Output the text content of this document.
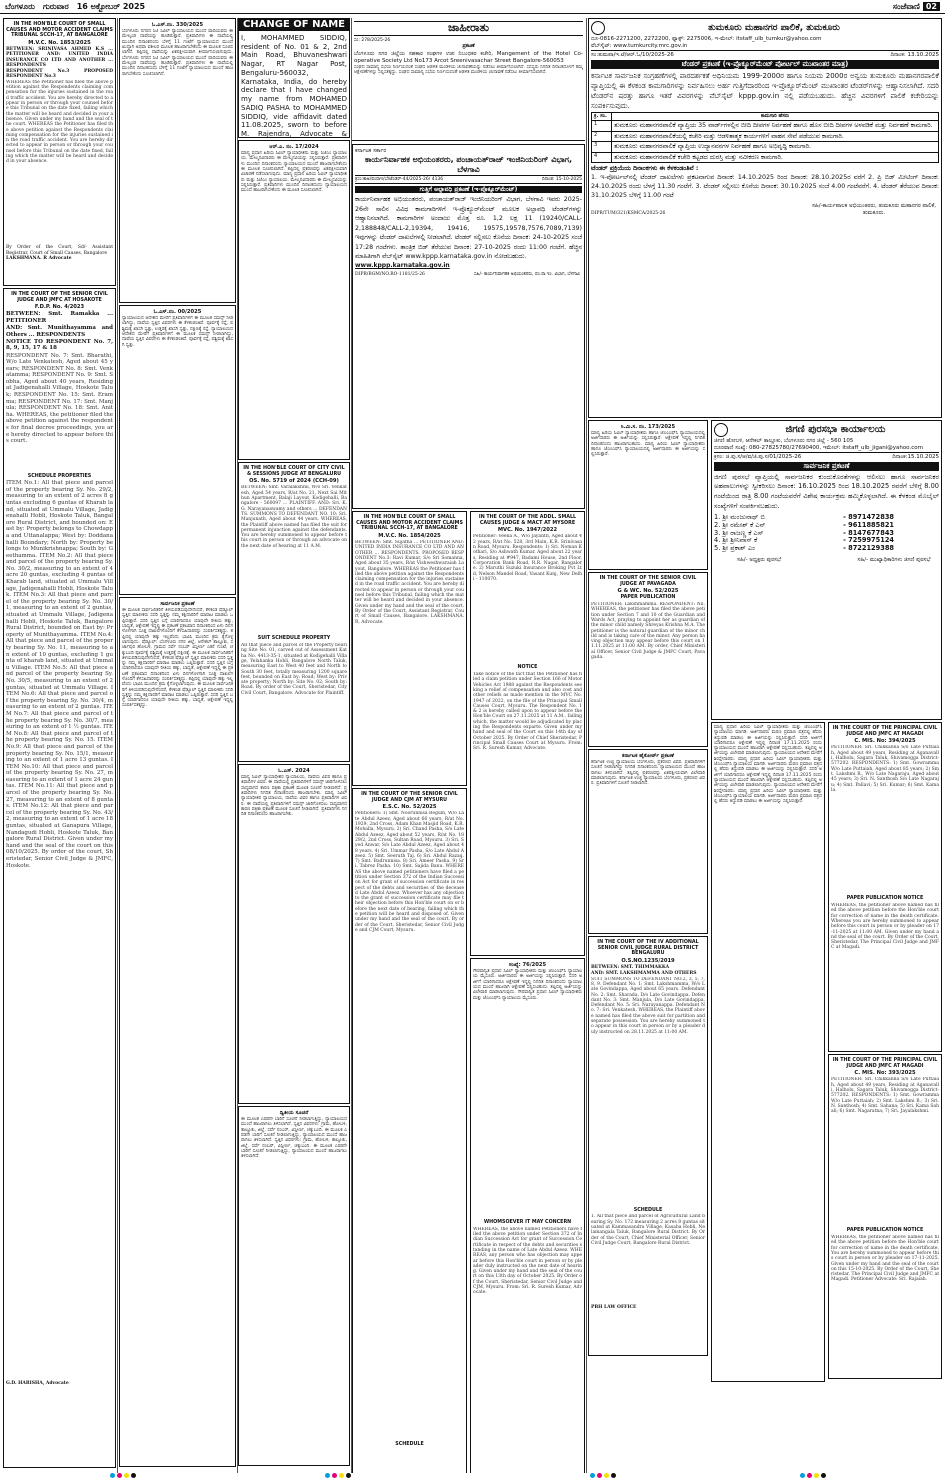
ಬೆಂಗಳೂರು ಗುರುವಾರ 16 ಅಕ್ಟೋಬರ್ 2025	ಸಂಜೆವಾಣಿ 02
IN THE HON'BLE COURT OF SMALL CAUSES AND MOTOR ACCIDENT CLAIMS TRIBUNAL SCCH-17, AT BANGALORE
M.V.C. No. 1853/2025

BETWEEN: SRINIVASA AHMED K.S ... PETITIONER AND: UNITED INDIA INSURANCE CO LTD AND ANOTHER ... RESPONDENTS

RESPONDENT No.3 PROPOSED RESPONDENT No.3

WHEREAS the Petitioner has filed the above petition against the Respondents claiming compensation for the injuries sustained in the road traffic accident. You are hereby directed to appear in person or through your counsel before this Tribunal on the date fixed, failing which the matter will be heard and decided in your absence. Given under my hand and the seal of the court. WHEREAS the Petitioner has filed the above petition against the Respondents claiming compensation for the injuries sustained in the road traffic accident. You are hereby directed to appear in person or through your counsel before this Tribunal on the date fixed, failing which the matter will be heard and decided in your absence.

By Order of the Court, Sd/- Assistant Registrar, Court of Small Causes, Bangalore

LAKSHMANA. R Advocate

IN THE COURT OF THE SENIOR CIVIL JUDGE AND JMFC AT HOSAKOTE
F.D.P. No. 4/2023

BETWEEN: Smt. Ramakka ... PETITIONER

AND: Smt. Munithayamma and Others ... RESPONDENTS

NOTICE TO RESPONDENT No. 7, 8, 9, 15, 17 & 18

RESPONDENT No. 7: Smt. Bharathi, W/o Late Venkatesh, Aged about 45 years; RESPONDENT No. 8: Smt. Venkatamma; RESPONDENT No. 9: Smt. Sobha, Aged about 40 years, Residing at Jadigenahalli Village, Hoskote Taluk; RESPONDENT No. 15: Smt. Eramma; RESPONDENT No. 17: Smt. Manjula; RESPONDENT No. 18: Smt. Anitha. WHEREAS, the petitioner filed the above petition against the respondents for final decree proceedings, you are hereby directed to appear before this court.
SCHEDULE PROPERTIES
ITEM No.1: All that piece and parcel of the property bearing Sy. No. 29/2, measuring to an extent of 2 acres 8 guntas excluding 6 guntas of Kharab land, situated at Ummalu Village, Jadigenahalli Hobli, Hoskote Taluk, Bangalore Rural District, and bounded on: East by: Property belongs to Chowdappa and Uttanalappa; West by: Doddanahalli Boundary; North by: Property belongs to Munikrishnappa; South by: Geethamma. ITEM No.2: All that piece and parcel of the property bearing Sy. No. 30/2, measuring to an extent of 4 acre 20 guntas, excluding 4 guntas of Kharab land, situated at Ummalu Village, Jadigenahalli Hobli, Hoskote Taluk. ITEM No.3: All that piece and parcel of the property bearing Sy. No. 30/1, measuring to an extent of 2 guntas, situated at Ummalu Village, Jadigenahalli Hobli, Hoskote Taluk, Bangalore Rural District, bounded on East by: Property of Munithayamma. ITEM No.4: All that piece and parcel of the property bearing Sy. No. 11, measuring to an extent of 10 guntas, excluding 1 gunta of kharab land, situated at Ummalu Village. ITEM No.5: All that piece and parcel of the property bearing Sy. No. 30/5, measuring to an extent of 2 guntas, situated at Ummalu Village. ITEM No.6: All that piece and parcel of the property bearing Sy. No. 30/4, measuring to an extent of 2 guntas. ITEM No.7: All that piece and parcel of the property bearing Sy. No. 30/7, measuring to an extent of 1 ½ guntas. ITEM No.8: All that piece and parcel of the property bearing Sy. No. 15. ITEM No.9: All that piece and parcel of the property bearing Sy. No. 15/1, measuring to an extent of 1 acre 13 guntas. ITEM No.10: All that piece and parcel of the property bearing Sy. No. 27, measuring to an extent of 1 acre 24 guntas. ITEM No.11: All that piece and parcel of the property bearing Sy. No. 27, measuring to an extent of 8 guntas. ITEM No.12: All that piece and parcel of the property bearing Sy. No. 43/2, measuring to an extent of 1 acre 18 guntas, situated at Ganapura Village, Nandagudi Hobli, Hoskote Taluk, Bangalore Rural District. Given under my hand and the seal of the court on this 08/10/2025. By order of the court, Sheristedar, Senior Civil Judge & JMFC, Hoskote.

G.D. HARISHA, Advocate

ಓ.ಎಸ್.ನಂ. 330/2025
ಬೆಂಗಳೂರು ನಗರದ ಸಿಟಿ ಸಿವಿಲ್ ನ್ಯಾಯಾಲಯದ ಮುಂದೆ ವಾದಿಯವರು ಈ ಮೇಲ್ಕಂಡ ದಾವೆಯನ್ನು ಹೂಡಿರುತ್ತಾರೆ. ಪ್ರತಿವಾದಿಗಳು ಈ ದಾವೆಯಲ್ಲಿ ಮುಂದಿನ ದಿನಾಂಕದಂದು ಬೆಳಿಗ್ಗೆ 11 ಗಂಟೆಗೆ ನ್ಯಾಯಾಲಯದ ಮುಂದೆ ಖುದ್ದಾಗಿ ಅಥವಾ ವಕೀಲರ ಮೂಲಕ ಹಾಜರಾಗಬೇಕೆಂದು ಈ ಮೂಲಕ ಸೂಚಿಸಲಾಗಿದೆ. ತಪ್ಪಿದಲ್ಲಿ ದಾವೆಯನ್ನು ಏಕಪಕ್ಷೀಯವಾಗಿ ತೀರ್ಮಾನಿಸಲಾಗುವುದು. ಬೆಂಗಳೂರು ನಗರದ ಸಿಟಿ ಸಿವಿಲ್ ನ್ಯಾಯಾಲಯದ ಮುಂದೆ ವಾದಿಯವರು ಈ ಮೇಲ್ಕಂಡ ದಾವೆಯನ್ನು ಹೂಡಿರುತ್ತಾರೆ. ಪ್ರತಿವಾದಿಗಳು ಈ ದಾವೆಯಲ್ಲಿ ಮುಂದಿನ ದಿನಾಂಕದಂದು ಬೆಳಿಗ್ಗೆ 11 ಗಂಟೆಗೆ ನ್ಯಾಯಾಲಯದ ಮುಂದೆ ಹಾಜರಾಗಬೇಕೆಂದು ಸೂಚಿಸಲಾಗಿದೆ.
ಓ.ಎಸ್.ನಂ. 00/2025
ನ್ಯಾಯಾಲಯದ ಆದೇಶದ ಮೇರೆಗೆ ಪ್ರತಿವಾದಿಗಳಿಗೆ ಈ ಮೂಲಕ ಸಮನ್ಸ್ ನೀಡಲಾಗಿದ್ದು, ದಾವೆಯ ಸ್ವತ್ತಿನ ವಿವರಗಳು ಈ ಕೆಳಕಂಡಂತಿವೆ. ಪೂರ್ವಕ್ಕೆ ರಸ್ತೆ, ಪಶ್ಚಿಮಕ್ಕೆ ಖಾಸಗಿ ಸ್ವತ್ತು, ಉತ್ತರಕ್ಕೆ ಖಾಸಗಿ ಸ್ವತ್ತು, ದಕ್ಷಿಣಕ್ಕೆ ರಸ್ತೆ. ನ್ಯಾಯಾಲಯದ ಆದೇಶದ ಮೇರೆಗೆ ಪ್ರತಿವಾದಿಗಳಿಗೆ ಈ ಮೂಲಕ ಸಮನ್ಸ್ ನೀಡಲಾಗಿದ್ದು, ದಾವೆಯ ಸ್ವತ್ತಿನ ವಿವರಗಳು ಈ ಕೆಳಕಂಡಂತಿವೆ. ಪೂರ್ವಕ್ಕೆ ರಸ್ತೆ, ಪಶ್ಚಿಮಕ್ಕೆ ಖಾಸಗಿ ಸ್ವತ್ತು.
ಸಾರ್ವಜನಿಕ ಪ್ರಕಟಣೆ
ಈ ಮೂಲಕ ಸಾರ್ವಜನಿಕರಿಗೆ ತಿಳಿಯಪಡಿಸುವುದೇನೆಂದರೆ, ಕೆಳಕಂಡ ಷೆಡ್ಯೂಲ್ ಸ್ವತ್ತಿನ ಮಾಲೀಕರು ಸದರಿ ಸ್ವತ್ತನ್ನು ನಮ್ಮ ಕಕ್ಷಿದಾರರಿಗೆ ಮಾರಾಟ ಮಾಡಲು ಒಪ್ಪಿರುತ್ತಾರೆ. ಸದರಿ ಸ್ವತ್ತಿನ ಬಗ್ಗೆ ಯಾರಿಗಾದರೂ ಯಾವುದೇ ರೀತಿಯ ಹಕ್ಕು, ಬಾಧ್ಯತೆ, ಆಕ್ಷೇಪಣೆ ಇದ್ದಲ್ಲಿ ಈ ಪ್ರಕಟಣೆ ಪ್ರಕಟವಾದ ದಿನಾಂಕದಿಂದ ಏಳು ದಿನಗಳೊಳಗಾಗಿ ಸೂಕ್ತ ದಾಖಲೆಗಳೊಂದಿಗೆ ಕೆಳಸಹಿದಾರರನ್ನು ಸಂಪರ್ಕಿಸತಕ್ಕದ್ದು. ತಪ್ಪಿದಲ್ಲಿ ಯಾವುದೇ ಹಕ್ಕು ಇಲ್ಲವೆಂದು ಭಾವಿಸಿ ಮುಂದಿನ ಕ್ರಮ ಕೈಗೊಳ್ಳಲಾಗುವುದು. ಷೆಡ್ಯೂಲ್: ಬೆಂಗಳೂರು ನಗರ ಜಿಲ್ಲೆ, ಆನೇಕಲ್ ತಾಲ್ಲೂಕು, ಸರ್ಜಾಪುರ ಹೋಬಳಿ, ಗ್ರಾಮದ ಸರ್ವೆ ನಂಬರ್ ವಿಸ್ತೀರ್ಣ ಎಕರೆ ಗುಂಟೆ, ಚಕ್ಕುಬಂದಿ ಪೂರ್ವಕ್ಕೆ ಪಶ್ಚಿಮಕ್ಕೆ ಉತ್ತರಕ್ಕೆ ದಕ್ಷಿಣಕ್ಕೆ. ಈ ಮೂಲಕ ಸಾರ್ವಜನಿಕರಿಗೆ ತಿಳಿಯಪಡಿಸುವುದೇನೆಂದರೆ, ಕೆಳಕಂಡ ಷೆಡ್ಯೂಲ್ ಸ್ವತ್ತಿನ ಮಾಲೀಕರು ಸದರಿ ಸ್ವತ್ತನ್ನು ನಮ್ಮ ಕಕ್ಷಿದಾರರಿಗೆ ಮಾರಾಟ ಮಾಡಲು ಒಪ್ಪಿರುತ್ತಾರೆ. ಸದರಿ ಸ್ವತ್ತಿನ ಬಗ್ಗೆ ಯಾರಿಗಾದರೂ ಯಾವುದೇ ರೀತಿಯ ಹಕ್ಕು, ಬಾಧ್ಯತೆ, ಆಕ್ಷೇಪಣೆ ಇದ್ದಲ್ಲಿ ಈ ಪ್ರಕಟಣೆ ಪ್ರಕಟವಾದ ದಿನಾಂಕದಿಂದ ಏಳು ದಿನಗಳೊಳಗಾಗಿ ಸೂಕ್ತ ದಾಖಲೆಗಳೊಂದಿಗೆ ಕೆಳಸಹಿದಾರರನ್ನು ಸಂಪರ್ಕಿಸತಕ್ಕದ್ದು. ತಪ್ಪಿದಲ್ಲಿ ಯಾವುದೇ ಹಕ್ಕು ಇಲ್ಲವೆಂದು ಭಾವಿಸಿ ಮುಂದಿನ ಕ್ರಮ ಕೈಗೊಳ್ಳಲಾಗುವುದು. ಈ ಮೂಲಕ ಸಾರ್ವಜನಿಕರಿಗೆ ತಿಳಿಯಪಡಿಸುವುದೇನೆಂದರೆ, ಕೆಳಕಂಡ ಷೆಡ್ಯೂಲ್ ಸ್ವತ್ತಿನ ಮಾಲೀಕರು ಸದರಿ ಸ್ವತ್ತನ್ನು ನಮ್ಮ ಕಕ್ಷಿದಾರರಿಗೆ ಮಾರಾಟ ಮಾಡಲು ಒಪ್ಪಿರುತ್ತಾರೆ. ಸದರಿ ಸ್ವತ್ತಿನ ಬಗ್ಗೆ ಯಾರಿಗಾದರೂ ಯಾವುದೇ ರೀತಿಯ ಹಕ್ಕು, ಬಾಧ್ಯತೆ, ಆಕ್ಷೇಪಣೆ ಇದ್ದಲ್ಲಿ ಸಂಪರ್ಕಿಸತಕ್ಕದ್ದು.
CHANGE OF NAME

I, MOHAMMED SIDDIQ, resident of No. 01 & 2, 2nd Main Road, Bhuvaneshwari Nagar, RT Nagar Post, Bengaluru-560032, Karnataka, India, do hereby declare that I have changed my name from MOHAMED SADIQ PASHA to MOHAMMED SIDDIQ, vide affidavit dated 11.08.2025, sworn to before M. Rajendra, Advocate &

ಆರ್.ಎ. ನಂ. 17/2024
ಮಾನ್ಯ ಪ್ರಧಾನ ಹಿರಿಯ ಸಿವಿಲ್ ನ್ಯಾಯಾಧೀಶರು ಮತ್ತು ಸಿಜೆಎಂ ನ್ಯಾಯಾಲಯ. ಮೇಲ್ಮನವಿದಾರರು ಈ ಮೇಲ್ಮನವಿಯನ್ನು ಸಲ್ಲಿಸಿರುತ್ತಾರೆ. ಪ್ರತಿವಾದಿಗಳು ಮುಂದಿನ ದಿನಾಂಕದಂದು ನ್ಯಾಯಾಲಯದ ಮುಂದೆ ಹಾಜರಾಗಬೇಕೆಂದು ಈ ಮೂಲಕ ಸೂಚಿಸಲಾಗಿದೆ. ತಪ್ಪಿದಲ್ಲಿ ಪ್ರಕರಣವನ್ನು ಏಕಪಕ್ಷೀಯವಾಗಿ ವಿಚಾರಣೆ ನಡೆಸಲಾಗುವುದು. ಮಾನ್ಯ ಪ್ರಧಾನ ಹಿರಿಯ ಸಿವಿಲ್ ನ್ಯಾಯಾಧೀಶರು ಮತ್ತು ಸಿಜೆಎಂ ನ್ಯಾಯಾಲಯ. ಮೇಲ್ಮನವಿದಾರರು ಈ ಮೇಲ್ಮನವಿಯನ್ನು ಸಲ್ಲಿಸಿರುತ್ತಾರೆ. ಪ್ರತಿವಾದಿಗಳು ಮುಂದಿನ ದಿನಾಂಕದಂದು ನ್ಯಾಯಾಲಯದ ಮುಂದೆ ಹಾಜರಾಗಬೇಕೆಂದು ಈ ಮೂಲಕ ಸೂಚಿಸಲಾಗಿದೆ.
IN THE HON'BLE COURT OF CITY CIVIL & SESSIONS JUDGE AT BENGALURU
OS. No. 5719 of 2024 (CCH-09)
BETWEEN: Smt. Varalakshmi, W/o Sri. Venkatesh, Aged 54 years, R/at No. 21, Next Sai Mithun Apartment, Balaji Layout, Kodigehalli, Bangalore - 560097 ... PLAINTIFF. AND: Sri. K.G. Narayanaswamy and others ... DEFENDANTS. SUMMONS TO DEFENDANT NO. 10: Sri. Manjunath, Aged about 44 years. WHEREAS, the Plaintiff above named has filed the suit for permanent injunction against the defendants. You are hereby summoned to appear before this court in person or through an advocate on the next date of hearing at 11 A.M.
SUIT SCHEDULE PROPERTY
All that piece and parcel of the Property bearing Site No. 01, carved out of Assessment Katha No. 4413-35-1, situated at Kodigehalli Village, Yelahanka Hobli, Bangalore North Taluk, measuring East to West 40 feet and North to South 30 feet, totally measuring 1200 square feet, bounded on East by: Road; West by: Private property; North by: Site No. 02; South by: Road. By order of the Court, Sheristedar, City Civil Court, Bangalore. Advocate for Plaintiff.
ಓ.ಎಸ್. 2024
ಮಾನ್ಯ ಸಿವಿಲ್ ನ್ಯಾಯಾಧೀಶರ ನ್ಯಾಯಾಲಯ, ದಾವೆಯ ವಿವರ ಹಾಗೂ ಪ್ರತಿವಾದಿಗಳ ವಿವರ. ಈ ದಾವೆಯಲ್ಲಿ ಪ್ರತಿವಾದಿಗಳಿಗೆ ಸಮನ್ಸ್ ಜಾರಿಗೊಳಿಸಲು ಸಾಧ್ಯವಾಗದ ಕಾರಣ ಪತ್ರಿಕಾ ಪ್ರಕಟಣೆ ಮೂಲಕ ಸೂಚನೆ ನೀಡಲಾಗಿದೆ. ಪ್ರತಿವಾದಿಗಳು ನಿಗದಿತ ದಿನಾಂಕದಂದು ಹಾಜರಾಗಬೇಕು. ಮಾನ್ಯ ಸಿವಿಲ್ ನ್ಯಾಯಾಧೀಶರ ನ್ಯಾಯಾಲಯ, ದಾವೆಯ ವಿವರ ಹಾಗೂ ಪ್ರತಿವಾದಿಗಳ ವಿವರ. ಈ ದಾವೆಯಲ್ಲಿ ಪ್ರತಿವಾದಿಗಳಿಗೆ ಸಮನ್ಸ್ ಜಾರಿಗೊಳಿಸಲು ಸಾಧ್ಯವಾಗದ ಕಾರಣ ಪತ್ರಿಕಾ ಪ್ರಕಟಣೆ ಮೂಲಕ ಸೂಚನೆ ನೀಡಲಾಗಿದೆ. ಪ್ರತಿವಾದಿಗಳು ನಿಗದಿತ ದಿನಾಂಕದಂದು ಹಾಜರಾಗಬೇಕು.
ದ್ವಿತೀಯ ಸೂಚನೆ
ಈ ಮೂಲಕ ಎರಡನೇ ಬಾರಿಗೆ ಸೂಚನೆ ನೀಡಲಾಗುತ್ತಿದ್ದು, ನ್ಯಾಯಾಲಯದ ಮುಂದೆ ಹಾಜರಾಗಲು ತಿಳಿಸಲಾಗಿದೆ. ಸ್ವತ್ತಿನ ವಿವರಗಳು: ಗ್ರಾಮ, ಹೋಬಳಿ, ತಾಲ್ಲೂಕು, ಜಿಲ್ಲೆ. ಸರ್ವೆ ನಂಬರ್, ವಿಸ್ತೀರ್ಣ, ಚಕ್ಕುಬಂದಿ. ಈ ಮೂಲಕ ಎರಡನೇ ಬಾರಿಗೆ ಸೂಚನೆ ನೀಡಲಾಗುತ್ತಿದ್ದು, ನ್ಯಾಯಾಲಯದ ಮುಂದೆ ಹಾಜರಾಗಲು ತಿಳಿಸಲಾಗಿದೆ. ಸ್ವತ್ತಿನ ವಿವರಗಳು: ಗ್ರಾಮ, ಹೋಬಳಿ, ತಾಲ್ಲೂಕು, ಜಿಲ್ಲೆ. ಸರ್ವೆ ನಂಬರ್, ವಿಸ್ತೀರ್ಣ, ಚಕ್ಕುಬಂದಿ. ಈ ಮೂಲಕ ಎರಡನೇ ಬಾರಿಗೆ ಸೂಚನೆ ನೀಡಲಾಗುತ್ತಿದ್ದು, ನ್ಯಾಯಾಲಯದ ಮುಂದೆ ಹಾಜರಾಗಲು ತಿಳಿಸಲಾಗಿದೆ.
ಜಾಹೀರಾತು

ಸಂ: 278/2025-26

ಪ್ರಕಟಣೆ

ಬೆಂಗಳೂರು ನಗರ ಜಿಲ್ಲೆಯ ಸಹಕಾರ ಸಂಘಗಳ ಉಪ ನಿಬಂಧಕರ ಕಚೇರಿ, Mangement of the Hotel Co-operative Society Ltd No173 Arcot Sreenivasachar Street Bangalore-560053

ಸಂಘದ ಸಾಮಾನ್ಯ ಸಭೆಯ ನಿರ್ಣಯದಂತೆ ಸಂಘದ ಆಡಳಿತ ಮಂಡಳಿಯ ಚುನಾವಣೆಯನ್ನು ನಡೆಸಲು ತೀರ್ಮಾನಿಸಲಾಗಿದೆ. ಸದಸ್ಯರು ನಿಗದಿತ ದಿನಾಂಕದೊಳಗೆ ತಮ್ಮ ಆಕ್ಷೇಪಣೆಗಳನ್ನು ಸಲ್ಲಿಸತಕ್ಕದ್ದು. ಸಂಘದ ಸಾಮಾನ್ಯ ಸಭೆಯ ನಿರ್ಣಯದಂತೆ ಆಡಳಿತ ಮಂಡಳಿಯ ಚುನಾವಣೆ ನಡೆಸಲು ತೀರ್ಮಾನಿಸಲಾಗಿದೆ.

ಕರ್ನಾಟಕ ಸರ್ಕಾರ

ಕಾರ್ಯನಿರ್ವಾಹಕ ಅಭಿಯಂತರರು, ಪಂಚಾಯತ್‌ರಾಜ್ ಇಂಜಿನಿಯರಿಂಗ್ ವಿಭಾಗ, ಬೆಳಗಾವಿ
ಕ್ರಸಂ:ಕಾಅ/ಪಂರಾಇ/ಬೆ/ಟೆಂಡರ್-44/2025-26/ 4136	ದಿನಾಂಕ: 15-10-2025
ಗುತ್ತಿಗೆ ಅಲ್ಪಾವಧಿ ಪ್ರಕಟಣೆ (ಇ-ಪ್ರೊಕ್ಯೂರ್‌ಮೆಂಟ್)

ಕಾರ್ಯನಿರ್ವಾಹಕ ಅಭಿಯಂತರರು, ಪಂಚಾಯತ್‌ರಾಜ್ ಇಂಜಿನಿಯರಿಂಗ್ ವಿಭಾಗ, ಬೆಳಗಾವಿ ಇವರು 2025-26ನೇ ಸಾಲಿನ ವಿವಿಧ ಕಾಮಗಾರಿಗಳಿಗೆ ಇ-ಪ್ರೊಕ್ಯೂರ್‌ಮೆಂಟ್ ಮೂಲಕ ಅಲ್ಪಾವಧಿ ಟೆಂಡರ್‌ಗಳನ್ನು ಆಹ್ವಾನಿಸಲಾಗಿದೆ. ಕಾಮಗಾರಿಗಳ ಅಂದಾಜು ಮೊತ್ತ ರೂ. 1,2 ಲಕ್ಷ 11 (19240/CALL-2,188848/CALL-2,19394, 19416, 19575,19578,7576,7089,7139) ಇವುಗಳನ್ನು ಟೆಂಡರ್ ದಾಖಲೆಗಳಲ್ಲಿ ನೀಡಲಾಗಿದೆ. ಟೆಂಡರ್ ಸಲ್ಲಿಸಲು ಕೊನೆಯ ದಿನಾಂಕ: 24-10-2025 ಸಂಜೆ 17:28 ಗಂಟೆಗಳು. ತಾಂತ್ರಿಕ ಬಿಡ್ ತೆರೆಯುವ ದಿನಾಂಕ: 27-10-2025 ರಂದು 11:00 ಗಂಟೆಗೆ. ಹೆಚ್ಚಿನ ಮಾಹಿತಿಗಾಗಿ ವೆಬ್‌ಸೈಟ್ www.kppp.karnataka.gov.in ನೋಡಬಹುದು.

www.kppp.karnataka.gov.in

DIPR/BGM/NO.RO-1181/25-26	ಸಹಿ/- ಕಾರ್ಯನಿರ್ವಾಹಕ ಅಭಿಯಂತರರು, ಪಂ.ರಾ.ಇಂ. ವಿಭಾಗ, ಬೆಳಗಾವಿ
IN THE HON'BLE COURT OF SMALL CAUSES AND MOTOR ACCIDENT CLAIMS TRIBUNAL SCCH-17, AT BANGALORE
M.V.C. No. 1854/2025
BETWEEN: Smt. Sujatha ... PETITIONER AND: UNITED INDIA INSURANCE CO LTD AND ANOTHER ... RESPONDENTS. PROPOSED RESPONDENT No.3: Ravi Kumar, S/o Sri Somanna, Aged about 35 years, R/at Vishweshwaraiah Layout, Bangalore. WHEREAS the Petitioner has filed the above petition against the Respondents claiming compensation for the injuries sustained in the road traffic accident. You are hereby directed to appear in person or through your counsel before this Tribunal, failing which the matter will be heard and decided in your absence. Given under my hand and the seal of the court. By Order of the Court, Assistant Registrar, Court of Small Causes, Bangalore. LAKSHMANA. R, Advocate.
IN THE COURT OF THE SENIOR CIVIL JUDGE AND CJM AT MYSURU
E.S.C. No. 52/2025
Petitioners: 1) Smt. Noorunnisa Begum, W/o Late Abdul Azeez, Aged about 66 years, R/at No. 1929, 2nd Cross, Adam Khan Masjid Road, K.R. Mohalla, Mysuru. 2) Sri. Chand Pasha, S/o Late Abdul Azeez, Aged about 52 years, R/at No. 1829/2, 2nd Cross, Sultan Road, Mysuru. 3) Sri. Syed Anwar, S/o Late Abdul Azeez, Aged about 48 years. 4) Sri. Ummar Pasha, S/o Late Abdul Azeez. 5) Smt. Seeruth Taj. 6) Sri. Abdul Razaq. 7) Smt. Badrunnisa. 8) Sri. Ameer Pasha. 9) Sri. Tabrez Pasha. 10) Smt. Sajida Banu. WHEREAS the above named petitioners have filed a petition under Section 372 of the Indian Succession Act for grant of succession certificate in respect of the debts and securities of the deceased Late Abdul Azeez. Whoever has any objection to the grant of succession certificate may file their objection before this Hon'ble court on or before the next date of hearing, failing which the petition will be heard and disposed of. Given under my hand and the seal of the court. By order of the Court, Sheristedar, Senior Civil Judge and CJM Court, Mysuru.
SCHEDULE
IN THE COURT OF THE ADDL. SMALL CAUSES JUDGE & MACT AT MYSORE
MVC. No. 1947/2022
Petitioner: Veena A., W/o Jayanth, Aged about 42 years, R/at No. 528, 3rd Main, K.R. Srinivasan Road, Mysuru. Respondents: 1) Sri. Noman Kothari, S/o Ashwath Kumar, Aged about 22 years, Residing at #947, Badami House, 2nd Floor, Corporation Bank Road, R.R. Nagar, Bangalore. 2) Maruthi Suzuki Insurance Broking Pvt Ltd, Nelson Mandel Road, Vasant Kunj, New Delhi - 110070.
NOTICE
Take notice of the fact that the Petitioner has filed a claim petition under Section 166 of Motor Vehicles Act 1988 against the Respondents seeking a relief of compensation and also cost and other reliefs as made mention in the MVC No. 1947 of 2022, on the file of the Principal Small Causes Court, Mysuru. The Respondent No. 1 & 2 is hereby called upon to appear before the Hon'ble Court on 27.11.2025 at 11 A.M., failing which, the matter would be adjudicated by placing the Respondents exparte. Given under my hand and seal of the Court on this 14th day of October 2025. By Order of Chief Sheristedar, Principal Small Causes Court at Mysuru. From: Sri. R. Suresh Kumar, Advocate.
ಸಂಖ್ಯೆ: 76/2025
ಗೌರವಾನ್ವಿತ ಪ್ರಧಾನ ಸಿವಿಲ್ ನ್ಯಾಯಾಧೀಶರು ಮತ್ತು ಜೆಎಂಎಫ್‌ಸಿ ನ್ಯಾಯಾಲಯ ಮೈಸೂರು. ಅರ್ಜಿದಾರರು ಈ ಅರ್ಜಿಯನ್ನು ಸಲ್ಲಿಸಿರುತ್ತಾರೆ. ಸದರಿ ಅರ್ಜಿಗೆ ಯಾರಿಗಾದರೂ ಆಕ್ಷೇಪಣೆ ಇದ್ದಲ್ಲಿ ನಿಗದಿತ ದಿನಾಂಕದಂದು ನ್ಯಾಯಾಲಯದ ಮುಂದೆ ಹಾಜರಾಗಿ ಆಕ್ಷೇಪಣೆ ಸಲ್ಲಿಸಬಹುದು. ತಪ್ಪಿದಲ್ಲಿ ಅರ್ಜಿಯನ್ನು ವಿಲೇವಾರಿ ಮಾಡಲಾಗುವುದು. ಗೌರವಾನ್ವಿತ ಪ್ರಧಾನ ಸಿವಿಲ್ ನ್ಯಾಯಾಧೀಶರು ಮತ್ತು ಜೆಎಂಎಫ್‌ಸಿ ನ್ಯಾಯಾಲಯ ಮೈಸೂರು.
WHOMSOEVER IT MAY CONCERN
WHEREAS, the above named Petitioners have filed the above petition under Section 372 of Indian Succession Act for grant of Succession Certificate in respect of the debts and securities standing in the name of Late Abdul Azeez. WHEREAS, any person who has objection may appear before this Hon'ble court in person or by pleader duly instructed on the next date of hearing. Given under my hand and the seal of the court on this 13th day of October 2025. By Order of the Court, Sheristedar, Senior Civil Judge and CJM, Mysuru. From: Sri. R. Suresh Kumar, Advocate.
ತುಮಕೂರು ಮಹಾನಗರ ಪಾಲಿಕೆ, ತುಮಕೂರು

ದೂ-0816-2271200, 2272200, ಫ್ಯಾಕ್ಸ್: 2275006, ಇ-ಮೇಲ್: itstaff_ulb_tumkur@yahoo.com

ವೆಬ್‌ಸೈಟ್: www.tumkurcity.mrc.gov.in

ಸಂ:ತುಮಪಾ/ಇ.ಟೆ/ಆರ್.ಓ/10/2025-26	ದಿನಾಂಕ: 13.10.2025
ಟೆಂಡರ್ ಪ್ರಕಟಣೆ (ಇ-ಪ್ರೊಕ್ಯೂರ್‌ಮೆಂಟ್ ಪೋರ್ಟಲ್ ಮುಖಾಂತರ ಮಾತ್ರ)

ಕರ್ನಾಟಕ ಸಾರ್ವಜನಿಕ ಸಂಗ್ರಹಣೆಗಳಲ್ಲಿ ಪಾರದರ್ಶಕತೆ ಅಧಿನಿಯಮ 1999-2000ರ ಹಾಗೂ ನಿಯಮ 2000ರ ಅನ್ವಯ ತುಮಕೂರು ಮಹಾನಗರಪಾಲಿಕೆ ವ್ಯಾಪ್ತಿಯಲ್ಲಿ ಈ ಕೆಳಕಂಡ ಕಾಮಗಾರಿಗಳನ್ನು ನಿರ್ವಹಿಸಲು ಅರ್ಹ ಗುತ್ತಿಗೆದಾರರಿಂದ ಇ-ಪ್ರೊಕ್ಯೂರ್‌ಮೆಂಟ್ ಮುಖಾಂತರ ಟೆಂಡರ್‌ಗಳನ್ನು ಆಹ್ವಾನಿಸಲಾಗಿದೆ. ಸದರಿ ಟೆಂಡರ್‌ನ ಷರತ್ತು ಹಾಗೂ ಇತರೆ ವಿವರಗಳನ್ನು ವೆಬ್‌ಸೈಟ್ kppp.gov.in ನಲ್ಲಿ ಪಡೆಯಬಹುದು. ಹೆಚ್ಚಿನ ವಿವರಗಳಿಗೆ ಪಾಲಿಕೆ ಕಚೇರಿಯನ್ನು ಸಂಪರ್ಕಿಸುವುದು.

ಕ್ರ. ಸಂ.	ಕಾಮಗಾರಿ ಹೆಸರು
1	ತುಮಕೂರು ಮಹಾನಗರಪಾಲಿಕೆ ವ್ಯಾಪ್ತಿಯ 35 ವಾರ್ಡ್‌ಗಳಲ್ಲಿನ ಬೀದಿ ದೀಪಗಳ ನಿರ್ವಹಣೆ ಹಾಗೂ ಹೊಸ ಬೀದಿ ದೀಪಗಳ ಅಳವಡಿಕೆ ಮತ್ತು ನಿರ್ವಹಣೆ ಕಾಮಗಾರಿ.
2	ತುಮಕೂರು ಮಹಾನಗರಪಾಲಿಕೆಯಲ್ಲಿ ಕಚೇರಿ ಮತ್ತು ಆಡಳಿತಾತ್ಮಕ ಕಾರ್ಯಗಳಿಗೆ ವಾಹನ ಸೇವೆ ಪಡೆಯುವ ಕಾಮಗಾರಿ.
3	ತುಮಕೂರು ಮಹಾನಗರಪಾಲಿಕೆ ವ್ಯಾಪ್ತಿಯ ಉದ್ಯಾನವನಗಳ ನಿರ್ವಹಣೆ ಹಾಗೂ ಅಭಿವೃದ್ಧಿ ಕಾಮಗಾರಿ.
4	ತುಮಕೂರು ಮಹಾನಗರಪಾಲಿಕೆ ಕಚೇರಿ ಕಟ್ಟಡದ ದುರಸ್ತಿ ಮತ್ತು ನವೀಕರಣ ಕಾಮಗಾರಿ.

ಟೆಂಡರ್ ಪ್ರಕ್ರಿಯೆಯ ದಿನಾಂಕಗಳು ಈ ಕೆಳಕಂಡಂತಿವೆ :

1. ಇ-ಪೋರ್ಟಲ್‌ನಲ್ಲಿ ಟೆಂಡರ್ ದಾಖಲೆಗಳು ಪ್ರಕಟವಾಗುವ ದಿನಾಂಕ: 14.10.2025 ರಿಂದ ದಿನಾಂಕ: 28.10.2025ರ ವರೆಗೆ 2. ಪ್ರಿ ಬಿಡ್ ಮೀಟಿಂಗ್ ದಿನಾಂಕ: 24.10.2025 ರಂದು ಬೆಳಗ್ಗೆ 11.30 ಗಂಟೆಗೆ. 3. ಟೆಂಡರ್ ಸಲ್ಲಿಸಲು ಕೊನೆಯ ದಿನಾಂಕ: 30.10.2025 ಸಂಜೆ 4.00 ಗಂಟೆವರೆಗೆ. 4. ಟೆಂಡರ್ ತೆರೆಯುವ ದಿನಾಂಕ: 31.10.2025 ಬೆಳಿಗ್ಗೆ 11.00 ಗಂಟೆ

DIPR/TUM/321/KSMCA/2025-26
ಸಹಿ/-ಕಾರ್ಯಪಾಲಕ ಅಭಿಯಂತರರು, ತುಮಕೂರು ಮಹಾನಗರ ಪಾಲಿಕೆ, ತುಮಕೂರು.
ಸಿ.ಮಿ.ಸ. ನಂ. 173/2025
ಮಾನ್ಯ ಹಿರಿಯ ಸಿವಿಲ್ ನ್ಯಾಯಾಧೀಶರು ಹಾಗೂ ಜೆಎಂಎಫ್‌ಸಿ ನ್ಯಾಯಾಲಯದಲ್ಲಿ ಅರ್ಜಿದಾರರು ಈ ಅರ್ಜಿಯನ್ನು ಸಲ್ಲಿಸಿರುತ್ತಾರೆ. ಆಕ್ಷೇಪಣೆ ಇದ್ದಲ್ಲಿ ನಿಗದಿತ ದಿನಾಂಕದಂದು ಹಾಜರಾಗಬಹುದು. ಮಾನ್ಯ ಹಿರಿಯ ಸಿವಿಲ್ ನ್ಯಾಯಾಧೀಶರು ಹಾಗೂ ಜೆಎಂಎಫ್‌ಸಿ ನ್ಯಾಯಾಲಯದಲ್ಲಿ ಅರ್ಜಿದಾರರು ಈ ಅರ್ಜಿಯನ್ನು ಸಲ್ಲಿಸಿರುತ್ತಾರೆ.
IN THE COURT OF THE SENIOR CIVIL JUDGE AT PAVAGADA
G & WC. No. 52/2025
PAPER PUBLICATION
PETITIONER: Lakshmamma. RESPONDENT: Nil. WHEREAS, the petitioner has filed the above petition under Section 7 and 10 of the Guardian and Wards Act, praying to appoint her as guardian of the minor child namely Shreyas Krishna M.A. The petitioner is the natural guardian of the minor child and is taking care of the minor. Any person having objection may appear before this court on 11.11.2025 at 11:00 AM. By order, Chief Ministerial Officer, Senior Civil Judge & JMFC Court, Pavagada.
ಕರ್ನಾಟಕ ಹೈಕೋರ್ಟ್ ಪ್ರಕಟಣೆ
ಕರ್ನಾಟಕ ಉಚ್ಚ ನ್ಯಾಯಾಲಯ ಬೆಂಗಳೂರು, ಪ್ರಕರಣದ ವಿವರ. ಪ್ರತಿವಾದಿಗಳಿಗೆ ಸೂಚನೆ ನೀಡಲಾಗಿದ್ದು ನಿಗದಿತ ದಿನಾಂಕದಂದು ನ್ಯಾಯಾಲಯದ ಮುಂದೆ ಹಾಜರಾಗಲು ತಿಳಿಸಲಾಗಿದೆ. ತಪ್ಪಿದಲ್ಲಿ ಪ್ರಕರಣವನ್ನು ಏಕಪಕ್ಷೀಯವಾಗಿ ವಿಲೇವಾರಿ ಮಾಡಲಾಗುವುದು. ಕರ್ನಾಟಕ ಉಚ್ಚ ನ್ಯಾಯಾಲಯ ಬೆಂಗಳೂರು, ಪ್ರಕರಣದ ವಿವರ. ಪ್ರತಿವಾದಿಗಳಿಗೆ ಸೂಚನೆ ನೀಡಲಾಗಿದೆ.
IN THE COURT OF THE IV ADDITIONAL SENIOR CIVIL JUDGE RURAL DISTRICT BENGALURU
O.S.NO.1235/2019

BETWEEN: SMT. THIMMAKKA

AND: SMT. LAKSHMAMMA AND OTHERS

SUIT SUMMONS TO DEFENDANT NO.2, 3, 5, 7, 8, 9. Defendant No. 1: Smt. Lakshmamma, W/o Late Govindappa, Aged about 65 years. Defendant No. 2: Smt. Sharada, D/o Late Govindappa. Defendant No. 3: Smt. Manjula, D/o Late Govindappa. Defendant No. 5: Sri. Narayanappa. Defendant No. 7: Sri. Venkatesh. WHEREAS, the Plaintiff above named has filed the above suit for partition and separate possession. You are hereby summoned to appear in this court in person or by a pleader duly instructed on 28.11.2025 at 11:00 AM.
SCHEDULE
1. All that piece and parcel of Agricultural Land bearing Sy. No. 172 measuring 2 acres 8 guntas situated at Kammasandra Village, Kasaba Hobli, Nelamangala Taluk, Bangalore Rural District. By Order of the Court, Chief Ministerial Officer, Senior Civil Judge Court, Bangalore Rural District.

PBH LAW OFFICE

ಜಿಗಣಿ ಪುರಸಭಾ ಕಾರ್ಯಾಲಯ

ಜಿಗಣಿ ಹೋಬಳಿ, ಆನೇಕಲ್ ತಾಲ್ಲೂಕು, ಬೆಂಗಳೂರು ನಗರ ಜಿಲ್ಲೆ - 560 105

ದೂರವಾಣಿ ಸಂಖ್ಯೆ: 080-27825780/27690400, ಇಮೇಲ್: itstaff_ulb_jigani@yahoo.com

ಕ್ರಸಂ: ಜಿ.ಪು.ಸ/ಆ/ವ/ಜಿ.ಪು.ಸ/01/2025-26	ದಿನಾಂಕ:15.10.2025
ಸಾರ್ವಜನಿಕ ಪ್ರಕಟಣೆ

ಜಿಗಣಿ ಪುರಸಭೆ ವ್ಯಾಪ್ತಿಯಲ್ಲಿ ಸಾರ್ವಜನಿಕರ ಕುಂದುಕೊರತೆಗಳನ್ನು ಆಲಿಸಲು ಹಾಗೂ ಸಾರ್ವಜನಿಕರ ಅಹವಾಲುಗಳನ್ನು ಸ್ವೀಕರಿಸಲು ದಿನಾಂಕ: 16.10.2025 ರಿಂದ 18.10.2025 ರವರೆಗೆ ಬೆಳಿಗ್ಗೆ 8.00 ಗಂಟೆಯಿಂದ ರಾತ್ರಿ 8.00 ಗಂಟೆಯವರೆಗೆ ವಿಶೇಷ ಕಾರ್ಯಕ್ರಮ ಹಮ್ಮಿಕೊಳ್ಳಲಾಗಿದೆ. ಈ ಕೆಳಕಂಡ ಮೊಬೈಲ್ ಸಂಖ್ಯೆಗಳಿಗೆ ಸಂಪರ್ಕಿಸಬಹುದು.

1. ಶ್ರೀ ಮಂಜುನಾಥ್ ಬಿ	- 8971472838
2. ಶ್ರೀ ರಮೇಶ್ ಕೆ ಎನ್	- 9611885821
3. ಶ್ರೀ ರಾಜಣ್ಣ ಕೆ ಎಸ್	- 8147677843
4. ಶ್ರೀ ಶ್ರೀನಿವಾಸ್ ಕೆ	- 7259975124
5. ಶ್ರೀ ಪ್ರಕಾಶ್ ಎಂ	- 8722129388
ಸಹಿ/- ಅಧ್ಯಕ್ಷರು ಪುರಸಭೆ	ಸಹಿ/- ಮುಖ್ಯಾಧಿಕಾರಿಗಳು ಜಿಗಣಿ ಪುರಸಭೆ
ಮಾನ್ಯ ಪ್ರಧಾನ ಹಿರಿಯ ಸಿವಿಲ್ ನ್ಯಾಯಾಧೀಶರು ಮತ್ತು ಜೆಎಂಎಫ್‌ಸಿ ನ್ಯಾಯಾಲಯ ಮಾಗಡಿ. ಅರ್ಜಿದಾರರು ಮರಣ ಪ್ರಮಾಣ ಪತ್ರದಲ್ಲಿ ಹೆಸರು ತಿದ್ದುಪಡಿ ಮಾಡಲು ಈ ಅರ್ಜಿಯನ್ನು ಸಲ್ಲಿಸಿರುತ್ತಾರೆ. ಸದರಿ ಅರ್ಜಿಗೆ ಯಾರಿಗಾದರೂ ಆಕ್ಷೇಪಣೆ ಇದ್ದಲ್ಲಿ ದಿನಾಂಕ 17.11.2025 ರಂದು ನ್ಯಾಯಾಲಯದ ಮುಂದೆ ಹಾಜರಾಗಿ ಆಕ್ಷೇಪಣೆ ಸಲ್ಲಿಸಬಹುದು. ತಪ್ಪಿದಲ್ಲಿ ಅರ್ಜಿಯನ್ನು ವಿಲೇವಾರಿ ಮಾಡಲಾಗುವುದು. ನ್ಯಾಯಾಲಯದ ಆದೇಶದ ಮೇರೆಗೆ ಶಿರಸ್ತೇದಾರರು. ಮಾನ್ಯ ಪ್ರಧಾನ ಹಿರಿಯ ಸಿವಿಲ್ ನ್ಯಾಯಾಧೀಶರು ಮತ್ತು ಜೆಎಂಎಫ್‌ಸಿ ನ್ಯಾಯಾಲಯ ಮಾಗಡಿ. ಅರ್ಜಿದಾರರು ಮರಣ ಪ್ರಮಾಣ ಪತ್ರದಲ್ಲಿ ಹೆಸರು ತಿದ್ದುಪಡಿ ಮಾಡಲು ಈ ಅರ್ಜಿಯನ್ನು ಸಲ್ಲಿಸಿರುತ್ತಾರೆ. ಸದರಿ ಅರ್ಜಿಗೆ ಯಾರಿಗಾದರೂ ಆಕ್ಷೇಪಣೆ ಇದ್ದಲ್ಲಿ ದಿನಾಂಕ 17.11.2025 ರಂದು ನ್ಯಾಯಾಲಯದ ಮುಂದೆ ಹಾಜರಾಗಿ ಆಕ್ಷೇಪಣೆ ಸಲ್ಲಿಸಬಹುದು. ತಪ್ಪಿದಲ್ಲಿ ಅರ್ಜಿಯನ್ನು ವಿಲೇವಾರಿ ಮಾಡಲಾಗುವುದು. ನ್ಯಾಯಾಲಯದ ಆದೇಶದ ಮೇರೆಗೆ ಶಿರಸ್ತೇದಾರರು. ಮಾನ್ಯ ಪ್ರಧಾನ ಹಿರಿಯ ಸಿವಿಲ್ ನ್ಯಾಯಾಧೀಶರು ಮತ್ತು ಜೆಎಂಎಫ್‌ಸಿ ನ್ಯಾಯಾಲಯ ಮಾಗಡಿ. ಅರ್ಜಿದಾರರು ಮರಣ ಪ್ರಮಾಣ ಪತ್ರದಲ್ಲಿ ಹೆಸರು ತಿದ್ದುಪಡಿ ಮಾಡಲು ಈ ಅರ್ಜಿಯನ್ನು ಸಲ್ಲಿಸಿರುತ್ತಾರೆ.
IN THE COURT OF THE PRINCIPAL CIVIL JUDGE AND JMFC AT MAGADI
C. MIS. No: 394/2025
PETITIONER: Sri. Chikkanna S/o Late Puttaiah, Aged about 49 years, Residing at Aganavalli, Halholu, Sagara Taluk, Shivamogga District-577202. RESPONDENTS: 1) Smt. Gowramma W/o Late Puttaiah, Aged about 85 years; 2) Smt. Lakshmi R., W/o Late Nagaraju, Aged about 45 years; 3) Sri. N. Santhosh S/o Late Nagaraju; 4) Smt. Pallavi; 5) Sri. Kumar; 6) Smt. Kamala.
PAPER PUBLICATION NOTICE
WHEREAS, the petitioner above named has filed the above petition before the Hon'ble court for correction of name in the death certificate. Whereas you are hereby summoned to appear before this court in person or by pleader on 17-11-2025 at 11:00 AM. Given under my hand and the seal of the court. By Order of the Court, Sheristedar, The Principal Civil Judge and JMFC at Magadi.
IN THE COURT OF THE PRINCIPAL CIVIL JUDGE AND JMFC AT MAGADI
C. MIS. No: 393/2025
PETITIONER: Sri. Chikkanna S/o Late Puttaiah, Aged about 49 years, Residing at Aganavalli, Halholu, Sagara Taluk, Shivamogga District-577202. RESPONDENTS: 1) Smt. Gowramma W/o Late Puttaiah; 2) Smt. Lakshmi R.; 3) Sri. N. Santhosh; 4) Smt. Sahana; 5) Sri. Kama Sahali; 6) Smt. Nagaratna; 7) Sri. Jayalakshmi.
PAPER PUBLICATION NOTICE
WHEREAS, the petitioner above named has filed the above petition before the Hon'ble court for correction of name in the death certificate. You are hereby summoned to appear before this court in person or by pleader on 17-11-2025. Given under my hand and the seal of the court on this 15-10-2025. By Order of the Court, Sheristedar, The Principal Civil Judge and JMFC at Magadi. Petitioner Advocate: Sri. Rajaiah.
